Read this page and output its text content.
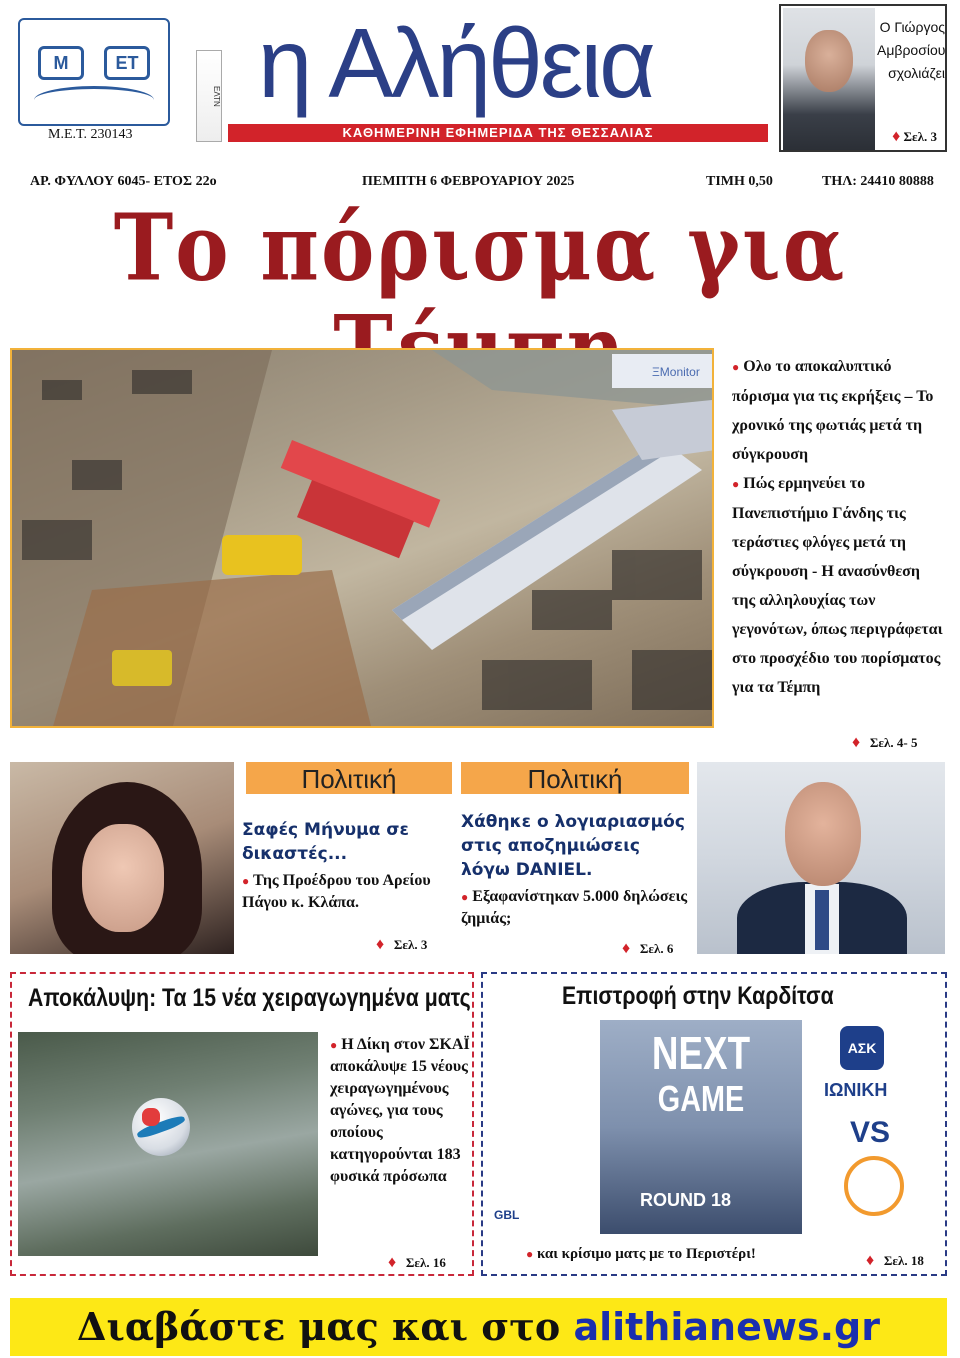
M	ET
Μ.Ε.Τ. 230143
ΕΛΤΝ η Αλήθεια
ΚΑΘΗΜΕΡΙΝΗ ΕΦΗΜΕΡΙΔΑ ΤΗΣ ΘΕΣΣΑΛΙΑΣ
Ο Γιώργος
Αμβροσίου
σχολιάζει
♦ Σελ. 3
ΑΡ. ΦΥΛΛΟΥ 6045- ΕΤΟΣ 22ο	ΠΕΜΠΤΗ 6 ΦΕΒΡΟΥΑΡΙΟΥ 2025	ΤΙΜΗ 0,50	ΤΗΛ: 24410 80888
Το πόρισμα για
ΞΜonitor	● Ολο το αποκαλυπτικό πόρισμα για τις εκρήξεις – Το χρονικό της φωτιάς μετά τη σύγκρουση

● Πώς ερμηνεύει το Πανεπιστήμιο Γάνδης τις τεράστιες φλόγες μετά τη σύγκρουση - Η ανασύνθεση της αλληλουχίας των γεγονότων, όπως περιγράφεται στο προσχέδιο του πορίσματος για τα Τέμπη

♦ Σελ. 4- 5
Πολιτική
Σαφές Μήνυμα σε δικαστές...
● Της Προέδρου του Αρείου Πάγου κ. Κλάπα.
♦ Σελ. 3
Πολιτική
Χάθηκε ο λογιαριασμός στις αποζημιώσεις λόγω DANIEL.
● Εξαφανίστηκαν 5.000 δηλώσεις ζημιάς;
♦ Σελ. 6
Αποκάλυψη: Τα 15 νέα χειραγωγημένα ματς
● Η Δίκη στον ΣΚΑΪ αποκάλυψε 15 νέους χειραγωγημένους αγώνες, για τους οποίους κατηγορούνται 183 φυσικά πρόσωπα
♦ Σελ. 16
Επιστροφή στην Καρδίτσα
NEXT
GAME
ROUND 18
ΑΣΚ
ΙΩΝΙΚΗ
VS
GBL
● και κρίσιμο ματς με το Περιστέρι!	♦ Σελ. 18
Διαβάστε μας και στο alithianews.gr
